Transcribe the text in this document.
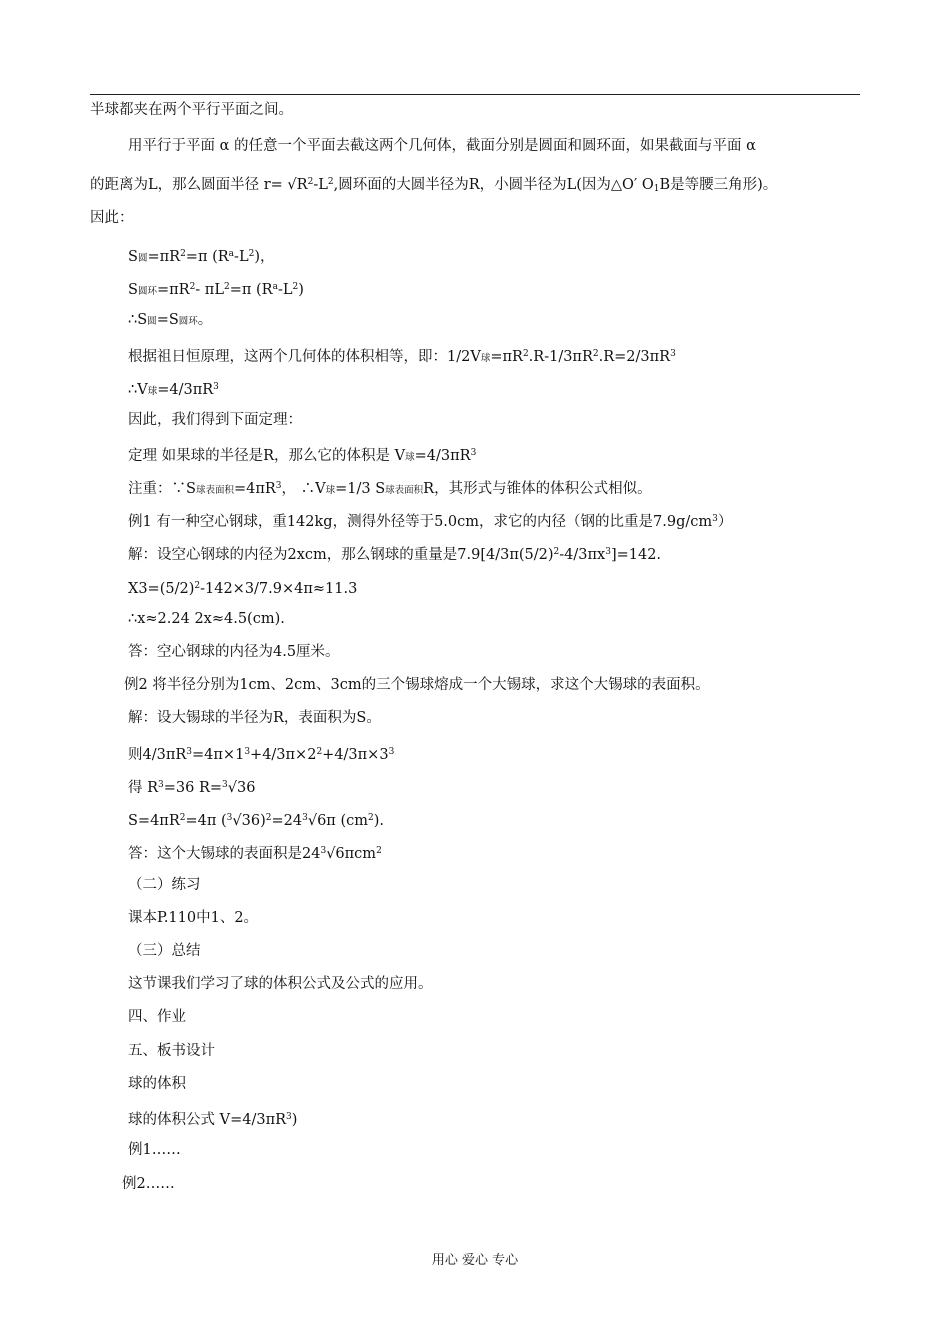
半球都夹在两个平行平面之间。
用平行于平面 α 的任意一个平面去截这两个几何体，截面分别是圆面和圆环面，如果截面与平面 α
的距离为L，那么圆面半径 $r= √R^2-L^2$,圆环面的大圆半径为R，小圆半径为L(因为△O′ $O_1B$是等腰三角形)。
因此：
S圆$=\pi R^2=\pi$ $(R^a-L^2)$，
S圆环$=\pi R^2-$ $\pi L^2=\pi$ $(R^a-L^2)$
∴S圆=S圆环。
根据祖日恒原理，这两个几何体的体积相等，即：1/2V球$=\pi R^2.R-1/3\pi R^2.R=2/3\pi R^3$
∴V球$=4/3\pi R^3$
因此，我们得到下面定理：
定理 如果球的半径是R，那么它的体积是 V球$=4/3\pi R^3$
注重：∵S球表面积$=4\pi R^3$， ∴V球=1/3 S球表面积R，其形式与锥体的体积公式相似。
例1 有一种空心钢球，重142kg，测得外径等于5.0cm，求它的内径（钢的比重是$7.9g/cm^3$）
解：设空心钢球的内径为2xcm，那么钢球的重量是$7.9[4/3\pi(5/2)^2-4/3\pi x^3]=142$.
$X3=(5/2)^2-142\times 3/7.9\times 4\pi\approx 11.3$
∴x≈2.24 2x≈4.5(cm).
答：空心钢球的内径为4.5厘米。
例2 将半径分别为1cm、2cm、3cm的三个锡球熔成一个大锡球，求这个大锡球的表面积。
解：设大锡球的半径为R，表面积为S。
则$4/3\pi R^3=4\pi\times 1^3+4/3\pi\times 2^2+4/3\pi\times 3^3$
得 $R^3=36$ R=$^3$√36
$S=4\pi R^2=4\pi$ $(^3√36)^2=24^3√6\pi$ $(cm^2)$.
答：这个大锡球的表面积是$24^3√6\pi cm^2$
（二）练习
课本P.110中1、2。
（三）总结
这节课我们学习了球的体积公式及公式的应用。
四、作业
五、板书设计
球的体积
球的体积公式 $V=4/3\pi R^3$)
例1……
例2……
用心 爱心 专心
